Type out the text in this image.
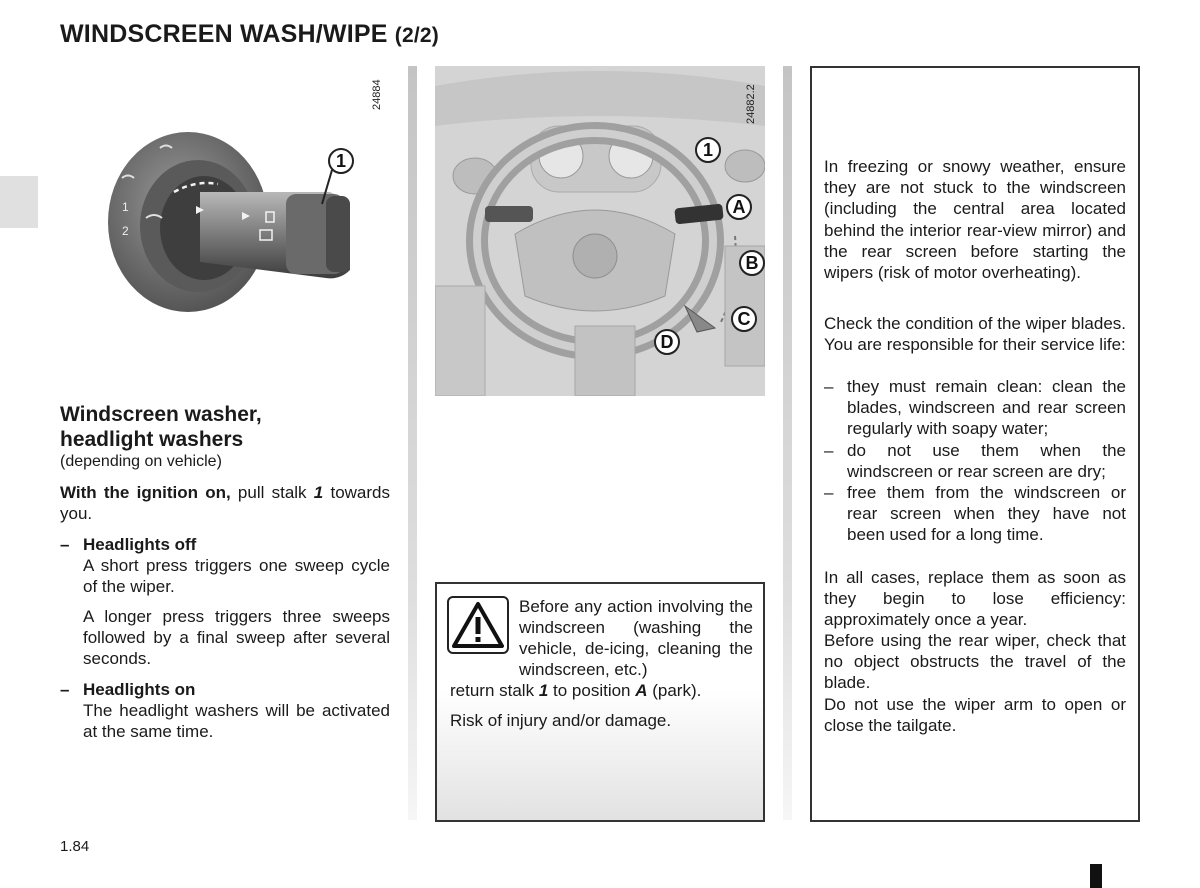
WINDSCREEN WASH/WIPE (2/2)
1
2
24884
1
24882.2
1
A
B
C
D
Windscreen washer,
headlight washers
(depending on vehicle)
With the ignition on, pull stalk 1 towards you.
– Headlights off
A short press triggers one sweep cycle of the wiper.
A longer press triggers three sweeps followed by a final sweep after several seconds.
– Headlights on
The headlight washers will be activated at the same time.
Before any action involving the windscreen (washing the vehicle, de-icing, cleaning the windscreen, etc.)
return stalk 1 to position A (park).
Risk of injury and/or damage.
In freezing or snowy weather, ensure they are not stuck to the windscreen (including the central area located behind the interior rear-view mirror) and the rear screen before starting the wipers (risk of motor overheating).
Check the condition of the wiper blades. You are responsible for their service life:
– they must remain clean: clean the blades, windscreen and rear screen regularly with soapy water;
– do not use them when the windscreen or rear screen are dry;
– free them from the windscreen or rear screen when they have not been used for a long time.
In all cases, replace them as soon as they begin to lose efficiency: approximately once a year.
Before using the rear wiper, check that no object obstructs the travel of the blade.
Do not use the wiper arm to open or close the tailgate.
1.84
